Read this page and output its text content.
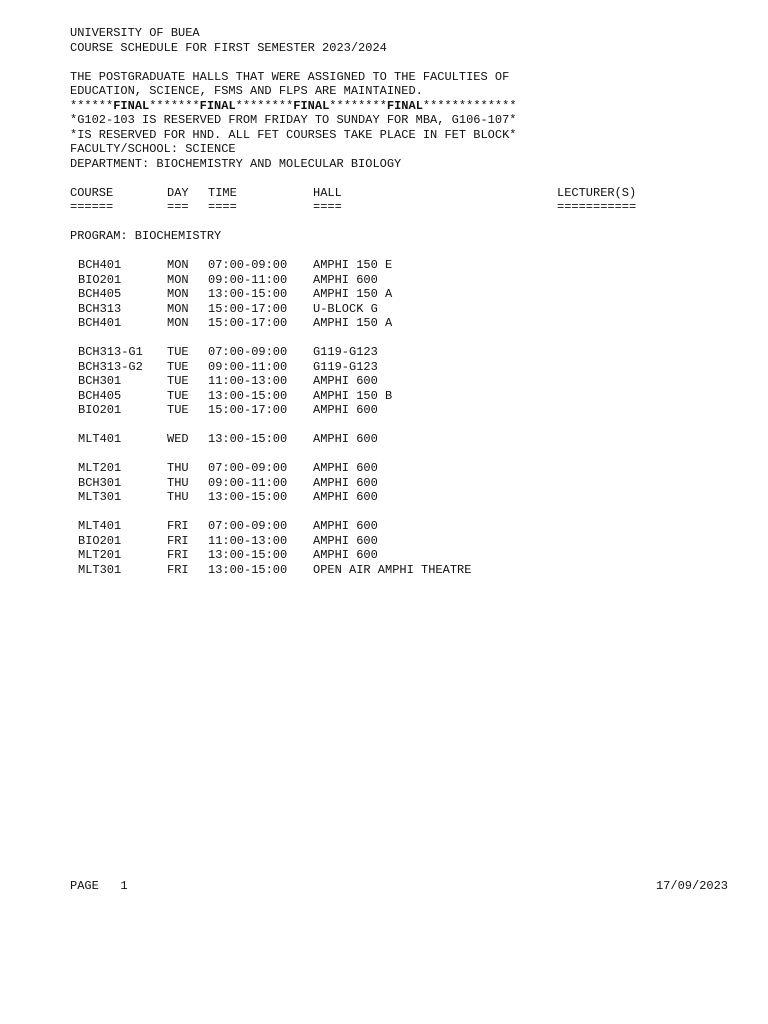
UNIVERSITY OF BUEA
COURSE SCHEDULE FOR FIRST SEMESTER 2023/2024
THE POSTGRADUATE HALLS THAT WERE ASSIGNED TO THE FACULTIES OF
EDUCATION, SCIENCE, FSMS AND FLPS ARE MAINTAINED.
******FINAL*******FINAL********FINAL********FINAL*************
*G102-103 IS RESERVED FROM FRIDAY TO SUNDAY FOR MBA, G106-107*
*IS RESERVED FOR HND. ALL FET COURSES TAKE PLACE IN FET BLOCK*
FACULTY/SCHOOL: SCIENCE
DEPARTMENT: BIOCHEMISTRY AND MOLECULAR BIOLOGY
COURSE	DAY	TIME	HALL	LECTURER(S)
======	===	====	====	===========
PROGRAM: BIOCHEMISTRY
BCH401	MON	07:00-09:00	AMPHI 150 E
BIO201	MON	09:00-11:00	AMPHI 600
BCH405	MON	13:00-15:00	AMPHI 150 A
BCH313	MON	15:00-17:00	U-BLOCK G
BCH401	MON	15:00-17:00	AMPHI 150 A
BCH313-G1	TUE	07:00-09:00	G119-G123
BCH313-G2	TUE	09:00-11:00	G119-G123
BCH301	TUE	11:00-13:00	AMPHI 600
BCH405	TUE	13:00-15:00	AMPHI 150 B
BIO201	TUE	15:00-17:00	AMPHI 600
MLT401	WED	13:00-15:00	AMPHI 600
MLT201	THU	07:00-09:00	AMPHI 600
BCH301	THU	09:00-11:00	AMPHI 600
MLT301	THU	13:00-15:00	AMPHI 600
MLT401	FRI	07:00-09:00	AMPHI 600
BIO201	FRI	11:00-13:00	AMPHI 600
MLT201	FRI	13:00-15:00	AMPHI 600
MLT301	FRI	13:00-15:00	OPEN AIR AMPHI THEATRE
PAGE   1	17/09/2023
